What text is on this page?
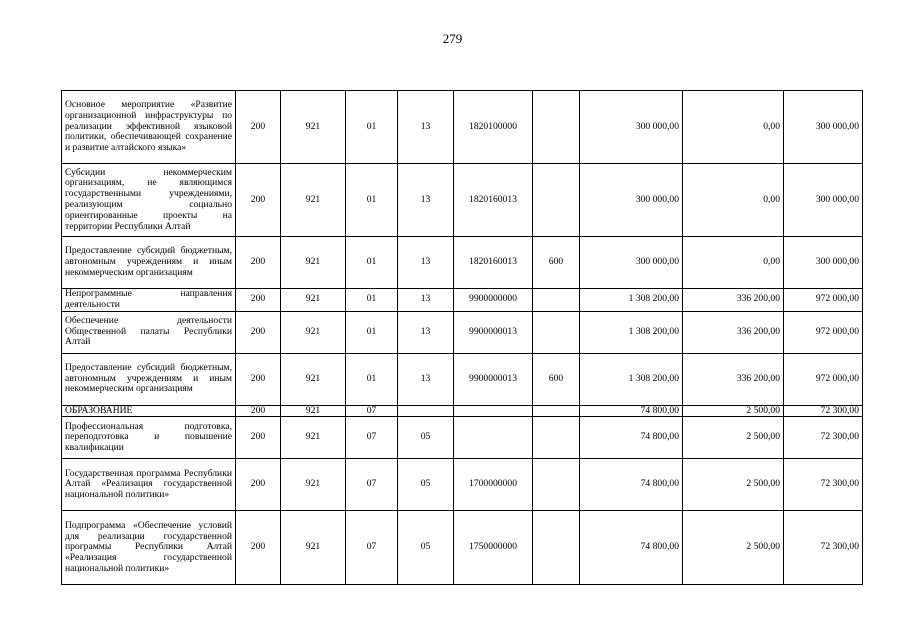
279
Основное мероприятие «Развитие организационной инфраструктуры по реализации эффективной языковой политики, обеспечивающей сохранение и развитие алтайского языка»	200	921	01	13	1820100000		300 000,00	0,00	300 000,00
Субсидии некоммерческим организациям, не являющимся государственными учреждениями, реализующим социально ориентированные проекты на территории Республики Алтай	200	921	01	13	1820160013		300 000,00	0,00	300 000,00
Предоставление субсидий бюджетным, автономным учреждениям и иным некоммерческим организациям	200	921	01	13	1820160013	600	300 000,00	0,00	300 000,00
Непрограммные направления деятельности	200	921	01	13	9900000000		1 308 200,00	336 200,00	972 000,00
Обеспечение деятельности Общественной палаты Республики Алтай	200	921	01	13	9900000013		1 308 200,00	336 200,00	972 000,00
Предоставление субсидий бюджетным, автономным учреждениям и иным некоммерческим организациям	200	921	01	13	9900000013	600	1 308 200,00	336 200,00	972 000,00
ОБРАЗОВАНИЕ	200	921	07				74 800,00	2 500,00	72 300,00
Профессиональная подготовка, переподготовка и повышение квалификации	200	921	07	05			74 800,00	2 500,00	72 300,00
Государственная программа Республики Алтай «Реализация государственной национальной политики»	200	921	07	05	1700000000		74 800,00	2 500,00	72 300,00
Подпрограмма «Обеспечение условий для реализации государственной программы Республики Алтай «Реализация государственной национальной политики»	200	921	07	05	1750000000		74 800,00	2 500,00	72 300,00
